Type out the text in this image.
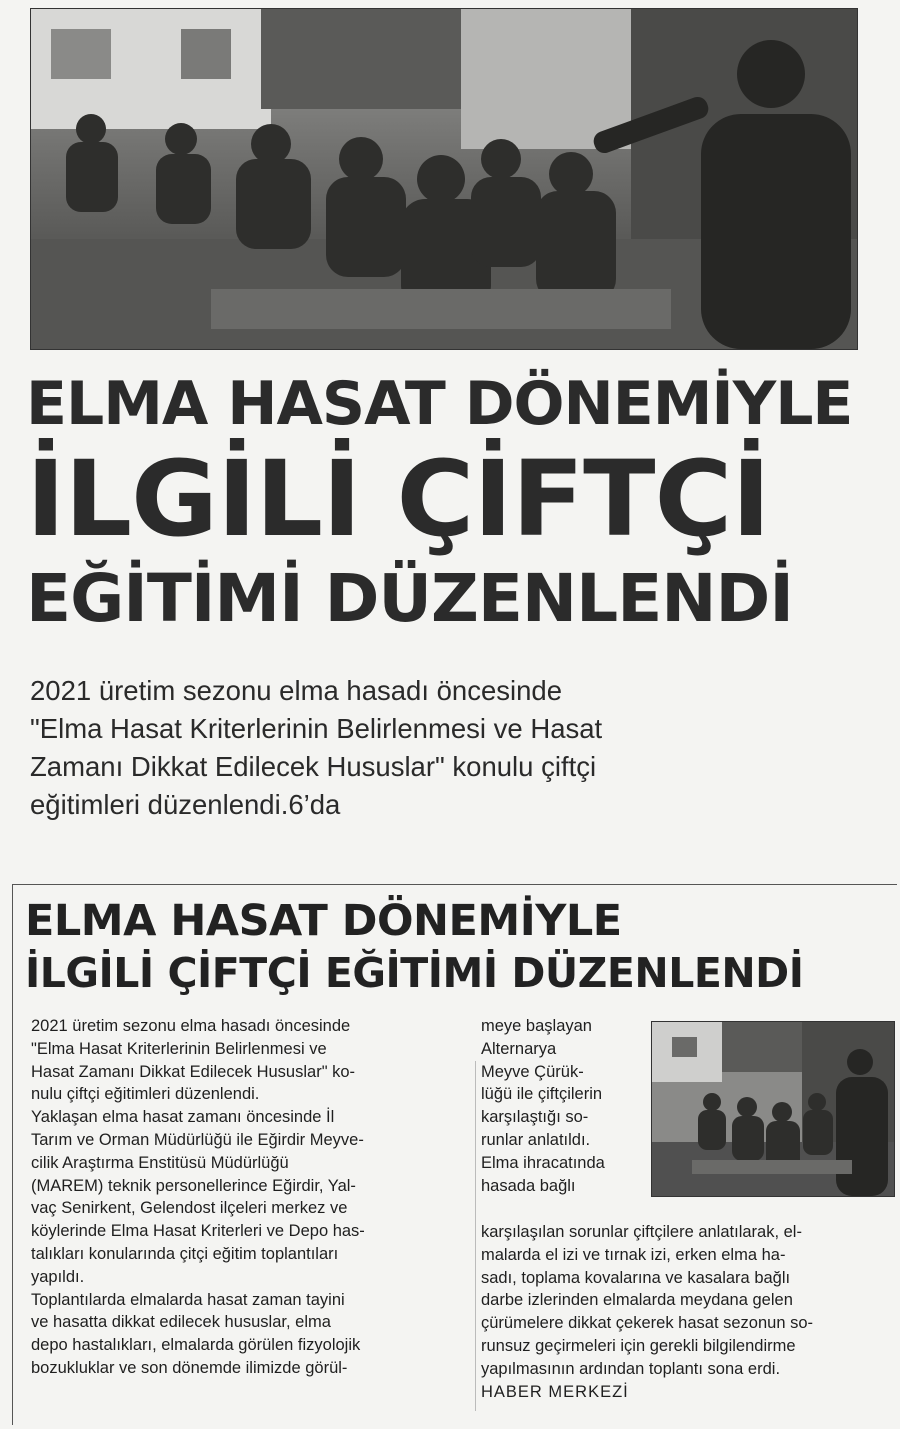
ELMA HASAT DÖNEMİYLE
İLGİLİ ÇİFTÇİ
EĞİTİMİ DÜZENLENDİ
2021 üretim sezonu elma hasadı öncesinde
"Elma Hasat Kriterlerinin Belirlenmesi ve Hasat
Zamanı Dikkat Edilecek Hususlar" konulu çiftçi
eğitimleri düzenlendi.6’da
ELMA HASAT DÖNEMİYLE
İLGİLİ ÇİFTÇİ EĞİTİMİ DÜZENLENDİ

2021 üretim sezonu elma hasadı öncesinde

"Elma Hasat Kriterlerinin Belirlenmesi ve

Hasat Zamanı Dikkat Edilecek Hususlar" ko-

nulu çiftçi eğitimleri düzenlendi.

Yaklaşan elma hasat zamanı öncesinde İl

Tarım ve Orman Müdürlüğü ile Eğirdir Meyve-

cilik Araştırma Enstitüsü Müdürlüğü

(MAREM) teknik personellerince Eğirdir, Yal-

vaç Senirkent, Gelendost ilçeleri merkez ve

köylerinde Elma Hasat Kriterleri ve Depo has-

talıkları konularında çitçi eğitim toplantıları

yapıldı.

Toplantılarda elmalarda hasat zaman tayini

ve hasatta dikkat edilecek hususlar, elma

depo hastalıkları, elmalarda görülen fizyolojik

bozukluklar ve son dönemde ilimizde görül-

meye başlayan

Alternarya

Meyve Çürük-

lüğü ile çiftçilerin

karşılaştığı so-

runlar anlatıldı.

Elma ihracatında

hasada bağlı

karşılaşılan sorunlar çiftçilere anlatılarak, el-

malarda el izi ve tırnak izi, erken elma ha-

sadı, toplama kovalarına ve kasalara bağlı

darbe izlerinden elmalarda meydana gelen

çürümelere dikkat çekerek hasat sezonun so-

runsuz geçirmeleri için gerekli bilgilendirme

yapılmasının ardından toplantı sona erdi.

HABER MERKEZİ
